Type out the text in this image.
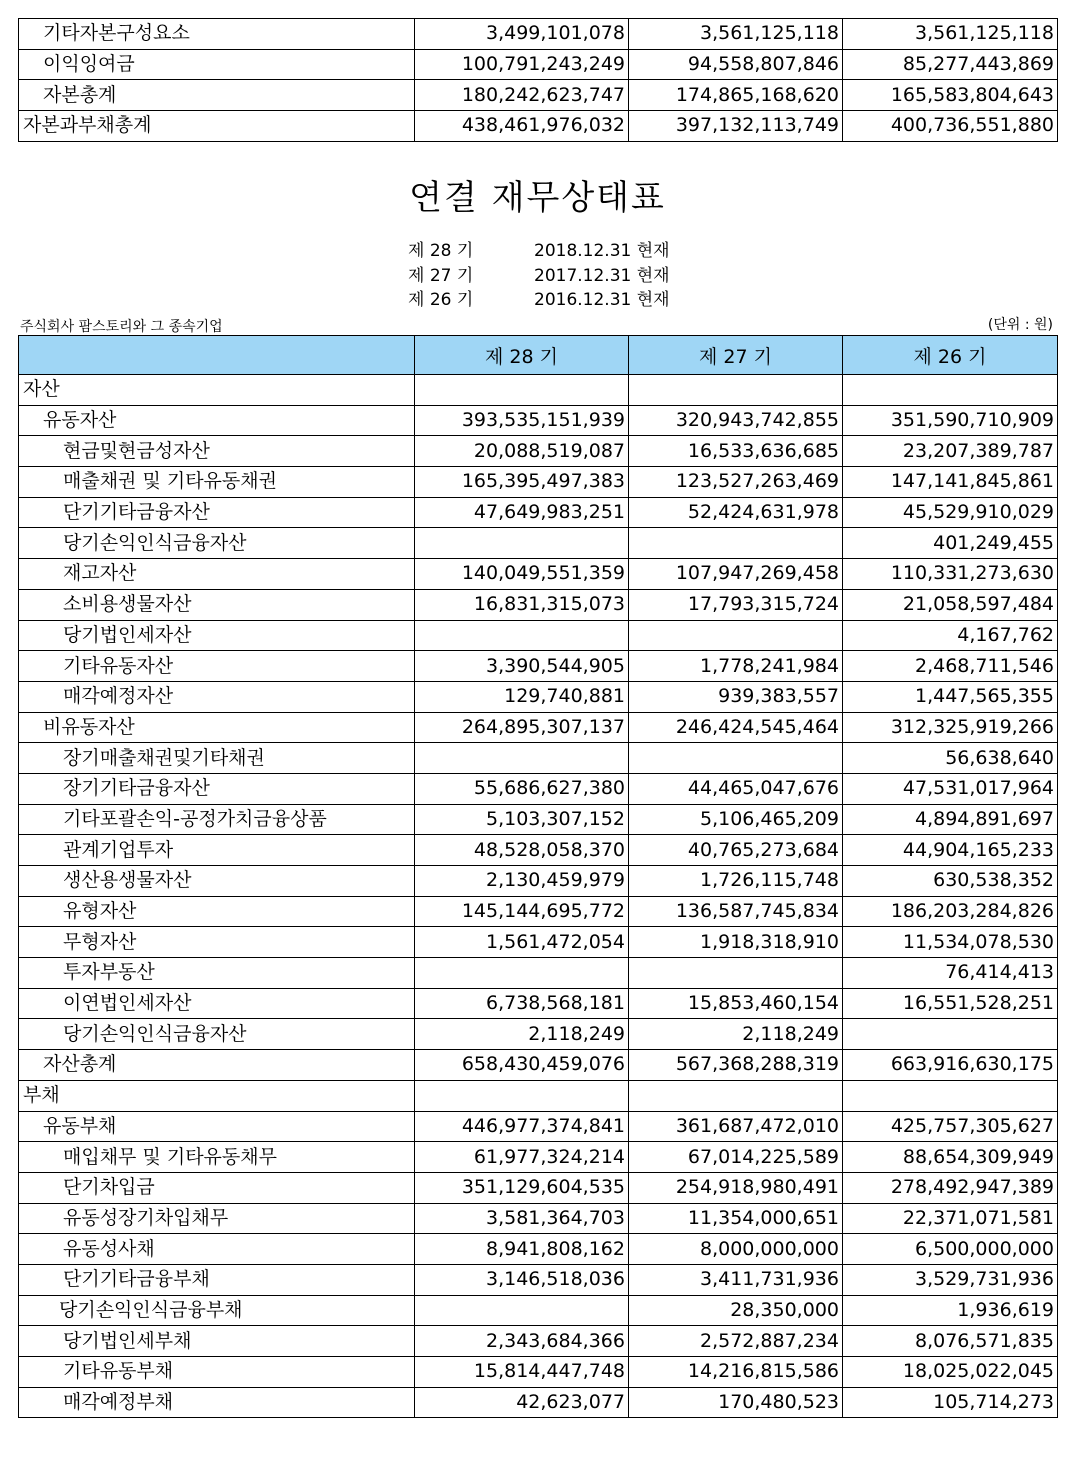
기타자본구성요소	3,499,101,078	3,561,125,118	3,561,125,118
이익잉여금	100,791,243,249	94,558,807,846	85,277,443,869
자본총계	180,242,623,747	174,865,168,620	165,583,804,643
자본과부채총계	438,461,976,032	397,132,113,749	400,736,551,880
연결 재무상태표
제 28 기	2018.12.31 현재
제 27 기	2017.12.31 현재
제 26 기	2016.12.31 현재
주식회사 팜스토리와 그 종속기업	(단위 : 원)
	제 28 기	제 27 기	제 26 기
자산			
유동자산	393,535,151,939	320,943,742,855	351,590,710,909
현금및현금성자산	20,088,519,087	16,533,636,685	23,207,389,787
매출채권 및 기타유동채권	165,395,497,383	123,527,263,469	147,141,845,861
단기기타금융자산	47,649,983,251	52,424,631,978	45,529,910,029
당기손익인식금융자산			401,249,455
재고자산	140,049,551,359	107,947,269,458	110,331,273,630
소비용생물자산	16,831,315,073	17,793,315,724	21,058,597,484
당기법인세자산			4,167,762
기타유동자산	3,390,544,905	1,778,241,984	2,468,711,546
매각예정자산	129,740,881	939,383,557	1,447,565,355
비유동자산	264,895,307,137	246,424,545,464	312,325,919,266
장기매출채권및기타채권			56,638,640
장기기타금융자산	55,686,627,380	44,465,047,676	47,531,017,964
기타포괄손익-공정가치금융상품	5,103,307,152	5,106,465,209	4,894,891,697
관계기업투자	48,528,058,370	40,765,273,684	44,904,165,233
생산용생물자산	2,130,459,979	1,726,115,748	630,538,352
유형자산	145,144,695,772	136,587,745,834	186,203,284,826
무형자산	1,561,472,054	1,918,318,910	11,534,078,530
투자부동산			76,414,413
이연법인세자산	6,738,568,181	15,853,460,154	16,551,528,251
당기손익인식금융자산	2,118,249	2,118,249	
자산총계	658,430,459,076	567,368,288,319	663,916,630,175
부채			
유동부채	446,977,374,841	361,687,472,010	425,757,305,627
매입채무 및 기타유동채무	61,977,324,214	67,014,225,589	88,654,309,949
단기차입금	351,129,604,535	254,918,980,491	278,492,947,389
유동성장기차입채무	3,581,364,703	11,354,000,651	22,371,071,581
유동성사채	8,941,808,162	8,000,000,000	6,500,000,000
단기기타금융부채	3,146,518,036	3,411,731,936	3,529,731,936
당기손익인식금융부채		28,350,000	1,936,619
당기법인세부채	2,343,684,366	2,572,887,234	8,076,571,835
기타유동부채	15,814,447,748	14,216,815,586	18,025,022,045
매각예정부채	42,623,077	170,480,523	105,714,273
